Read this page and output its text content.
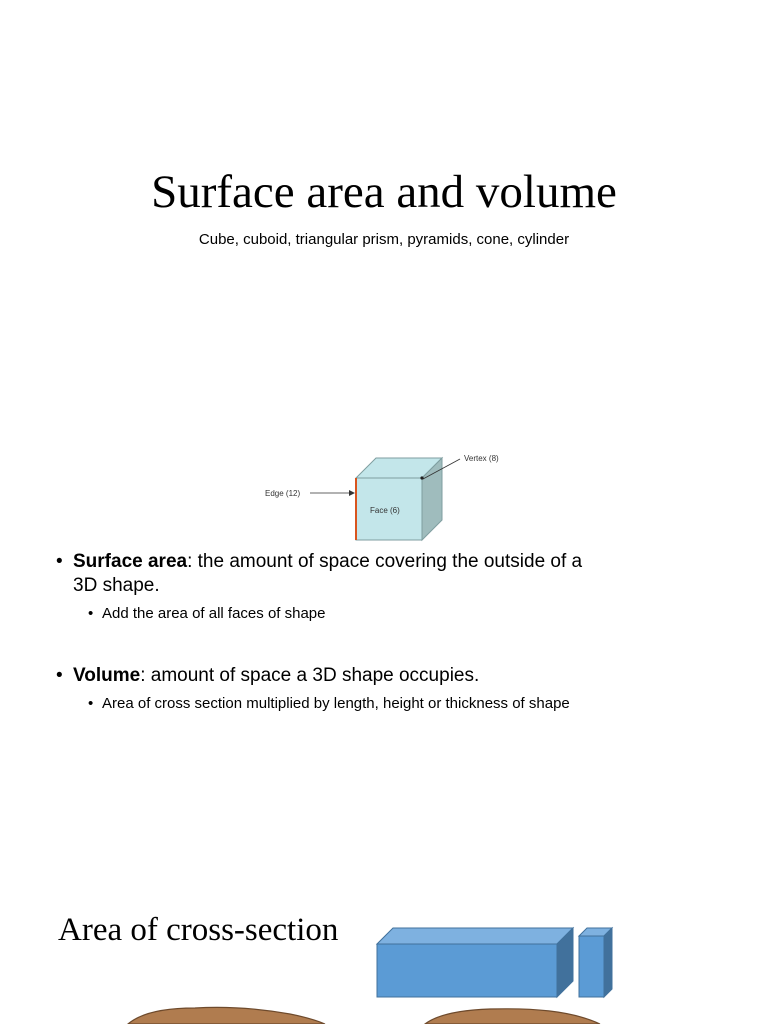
Surface area and volume
Cube, cuboid, triangular prism, pyramids, cone, cylinder
Vertex (8)
Edge (12)
Face (6)
• Surface area: the amount of space covering the outside of a 3D shape.
• Add the area of all faces of shape
• Volume: amount of space a 3D shape occupies.
• Area of cross section multiplied by length, height or thickness of shape
Area of cross-section
